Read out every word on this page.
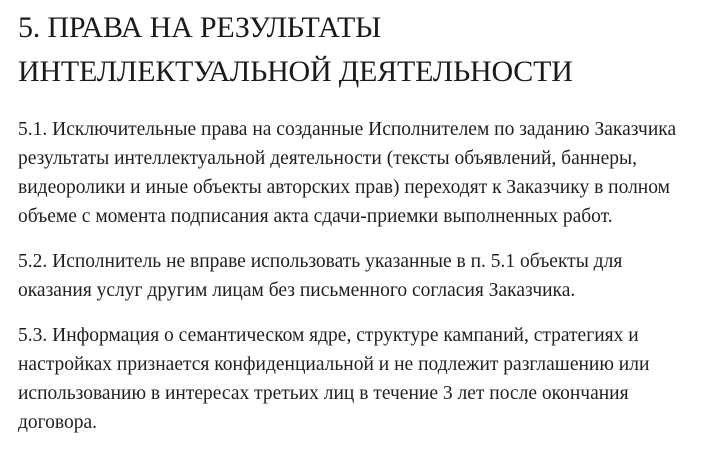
5. ПРАВА НА РЕЗУЛЬТАТЫ ИНТЕЛЛЕКТУАЛЬНОЙ ДЕЯТЕЛЬНОСТИ

5.1. Исключительные права на созданные Исполнителем по заданию Заказчика результаты интеллектуальной деятельности (тексты объявлений, баннеры, видеоролики и иные объекты авторских прав) переходят к Заказчику в полном объеме с момента подписания акта сдачи-приемки выполненных работ.

5.2. Исполнитель не вправе использовать указанные в п. 5.1 объекты для оказания услуг другим лицам без письменного согласия Заказчика.

5.3. Информация о семантическом ядре, структуре кампаний, стратегиях и настройках признается конфиденциальной и не подлежит разглашению или использованию в интересах третьих лиц в течение 3 лет после окончания договора.
